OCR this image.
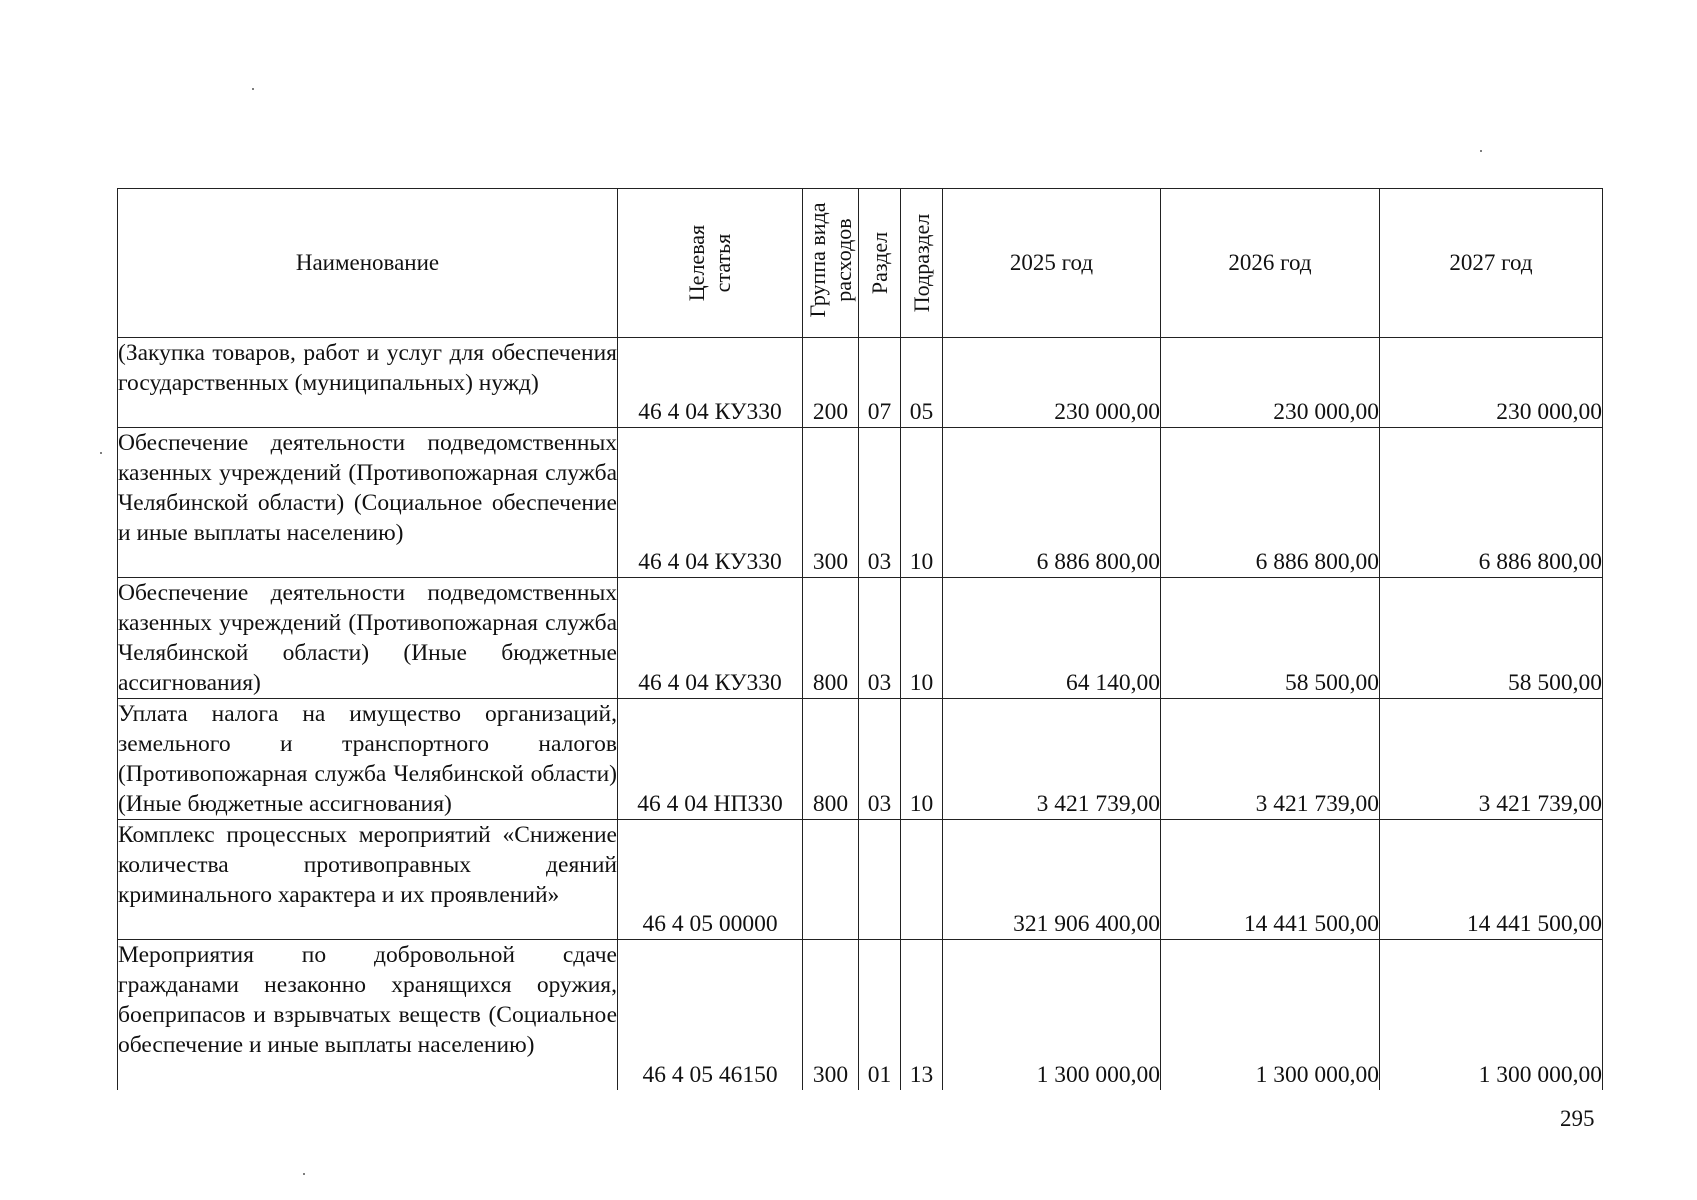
Наименование	Целевая статья	Группа вида расходов	Раздел	Подраздел	2025 год	2026 год	2027 год
(Закупка товаров, работ и услуг для обеспечения государственных (муниципальных) нужд)	46 4 04 КУ330	200	07	05	230 000,00	230 000,00	230 000,00
Обеспечение деятельности подведомственных казенных учреждений (Противопожарная служба Челябинской области) (Социальное обеспечение и иные выплаты населению)	46 4 04 КУ330	300	03	10	6 886 800,00	6 886 800,00	6 886 800,00
Обеспечение деятельности подведомственных казенных учреждений (Противопожарная служба Челябинской области) (Иные бюджетные ассигнования)	46 4 04 КУ330	800	03	10	64 140,00	58 500,00	58 500,00
Уплата налога на имущество организаций, земельного и транспортного налогов (Противопожарная служба Челябинской области) (Иные бюджетные ассигнования)	46 4 04 НП330	800	03	10	3 421 739,00	3 421 739,00	3 421 739,00
Комплекс процессных мероприятий «Снижение количества противоправных деяний криминального характера и их проявлений»	46 4 05 00000				321 906 400,00	14 441 500,00	14 441 500,00
Мероприятия по добровольной сдаче гражданами незаконно хранящихся оружия, боеприпасов и взрывчатых веществ (Социальное обеспечение и иные выплаты населению)	46 4 05 46150	300	01	13	1 300 000,00	1 300 000,00	1 300 000,00
295
